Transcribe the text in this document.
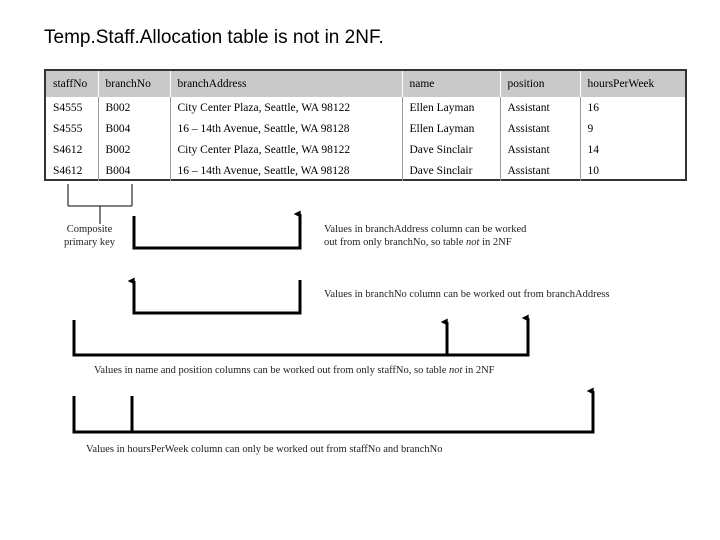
Temp.Staff.Allocation table is not in 2NF.
staffNo	branchNo	branchAddress	name	position	hoursPerWeek
S4555	B002	City Center Plaza, Seattle, WA 98122	Ellen Layman	Assistant	16
S4555	B004	16 – 14th Avenue, Seattle, WA 98128	Ellen Layman	Assistant	9
S4612	B002	City Center Plaza, Seattle, WA 98122	Dave Sinclair	Assistant	14
S4612	B004	16 – 14th Avenue, Seattle, WA 98128	Dave Sinclair	Assistant	10
Composite
primary key
Values in branchAddress column can be worked
out from only branchNo, so table not in 2NF
Values in branchNo column can be worked out from branchAddress
Values in name and position columns can be worked out from only staffNo, so table not in 2NF
Values in hoursPerWeek column can only be worked out from staffNo and branchNo
